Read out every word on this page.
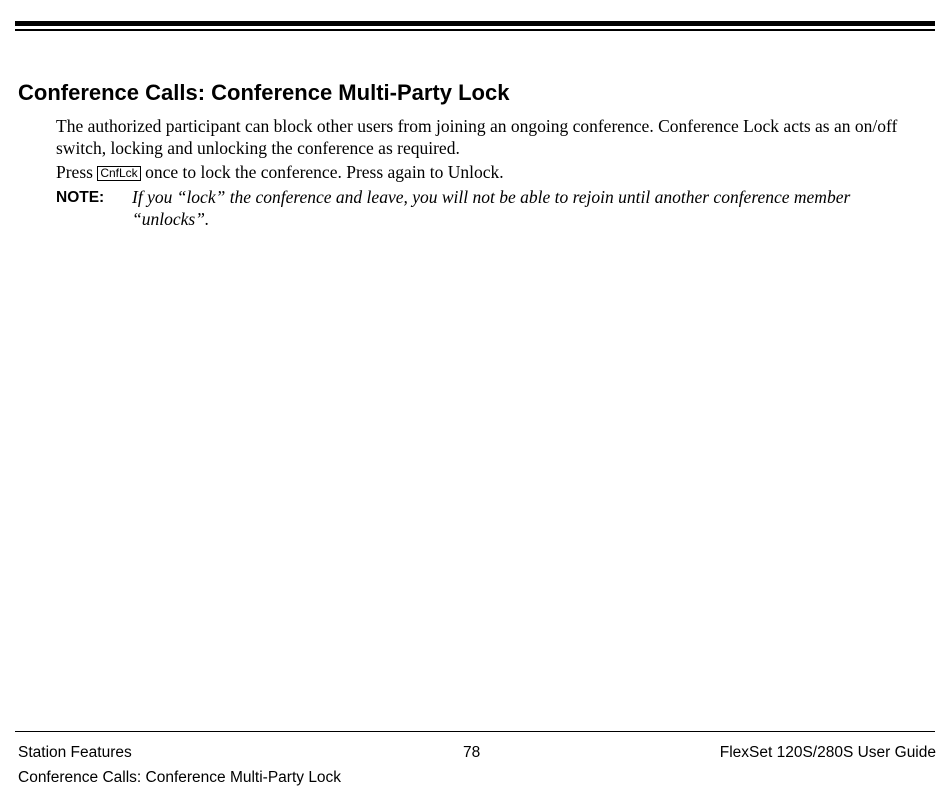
Conference Calls: Conference Multi-Party Lock

The authorized participant can block other users from joining an ongoing conference. Conference Lock acts as an on/off switch, locking and unlocking the conference as required.

Press CnfLck once to lock the conference. Press again to Unlock.

NOTE: If you “lock” the conference and leave, you will not be able to rejoin until another conference member “unlocks”.

Station Features	78	FlexSet 120S/280S User Guide
Conference Calls: Conference Multi-Party Lock
